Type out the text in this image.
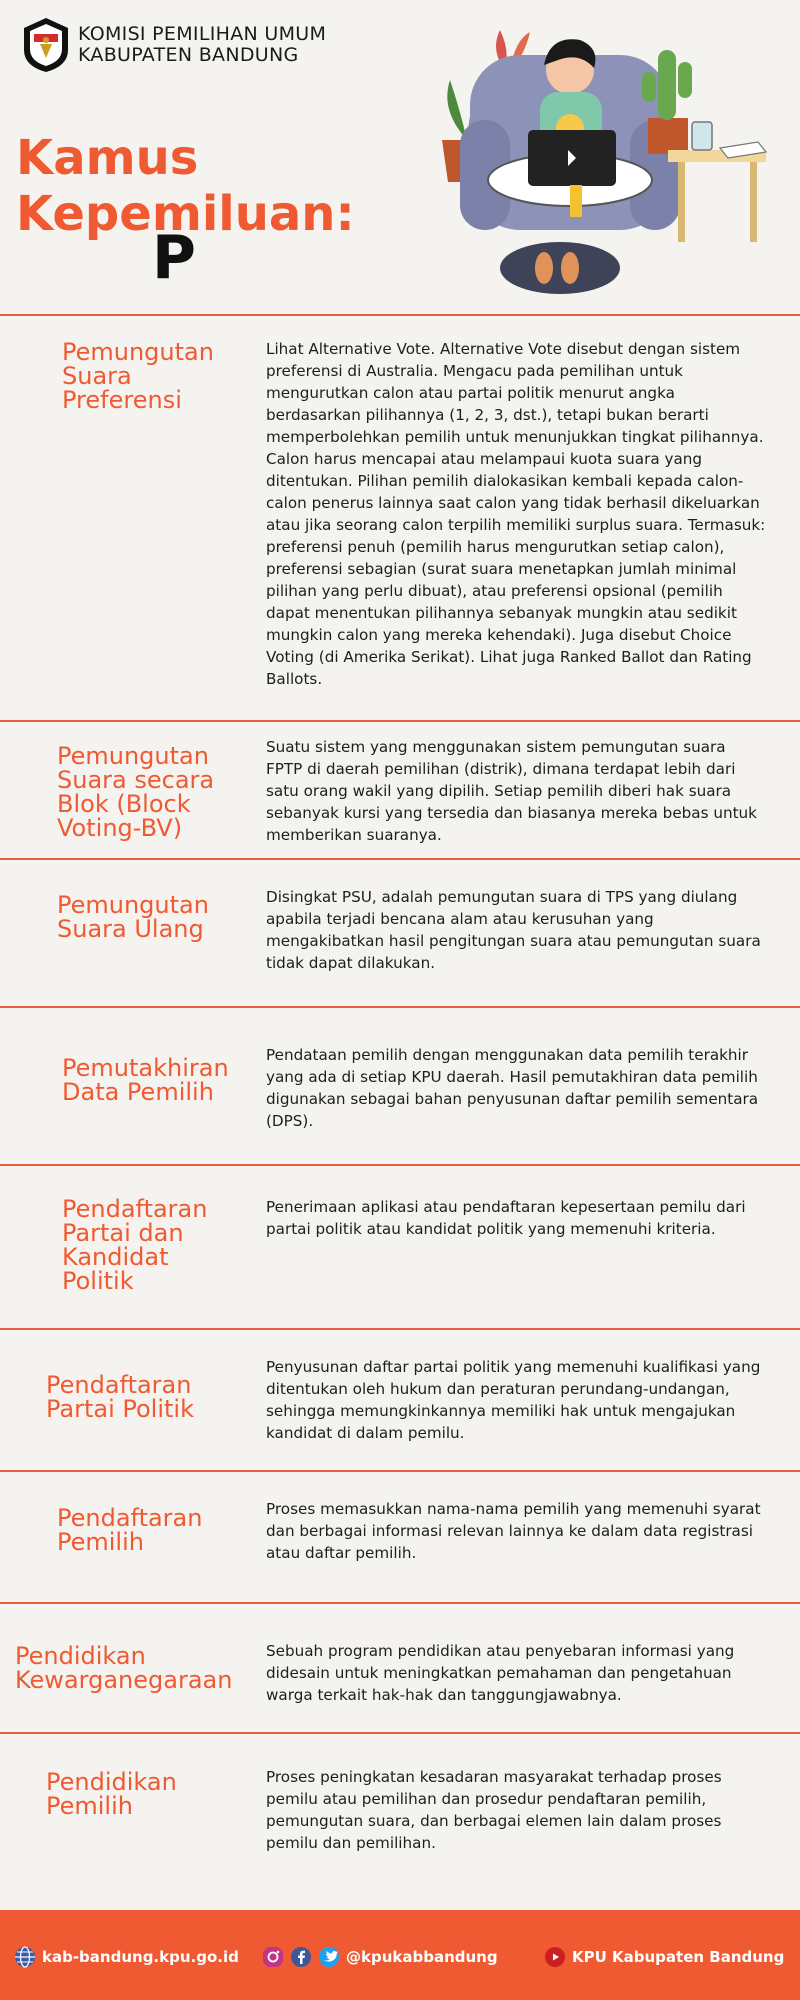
KOMISI PEMILIHAN UMUM
KABUPATEN BANDUNG
Kamus
Kepemiluan:
P
Pemungutan
Suara
Preferensi
Lihat Alternative Vote. Alternative Vote disebut dengan sistem preferensi di Australia. Mengacu pada pemilihan untuk mengurutkan calon atau partai politik menurut angka berdasarkan pilihannya (1, 2, 3, dst.), tetapi bukan berarti memperbolehkan pemilih untuk menunjukkan tingkat pilihannya. Calon harus mencapai atau melampaui kuota suara yang ditentukan. Pilihan pemilih dialokasikan kembali kepada calon-calon penerus lainnya saat calon yang tidak berhasil dikeluarkan atau jika seorang calon terpilih memiliki surplus suara. Termasuk: preferensi penuh (pemilih harus mengurutkan setiap calon), preferensi sebagian (surat suara menetapkan jumlah minimal pilihan yang perlu dibuat), atau preferensi opsional (pemilih dapat menentukan pilihannya sebanyak mungkin atau sedikit mungkin calon yang mereka kehendaki). Juga disebut Choice Voting (di Amerika Serikat). Lihat juga Ranked Ballot dan Rating Ballots.
Pemungutan
Suara secara
Blok (Block
Voting-BV)
Suatu sistem yang menggunakan sistem pemungutan suara FPTP di daerah pemilihan (distrik), dimana terdapat lebih dari satu orang wakil yang dipilih. Setiap pemilih diberi hak suara sebanyak kursi yang tersedia dan biasanya mereka bebas untuk memberikan suaranya.
Pemungutan
Suara Ulang
Disingkat PSU, adalah pemungutan suara di TPS yang diulang apabila terjadi bencana alam atau kerusuhan yang mengakibatkan hasil pengitungan suara atau pemungutan suara tidak dapat dilakukan.
Pemutakhiran
Data Pemilih
Pendataan pemilih dengan menggunakan data pemilih terakhir yang ada di setiap KPU daerah. Hasil pemutakhiran data pemilih digunakan sebagai bahan penyusunan daftar pemilih sementara (DPS).
Pendaftaran
Partai dan
Kandidat
Politik
Penerimaan aplikasi atau pendaftaran kepesertaan pemilu dari partai politik atau kandidat politik yang memenuhi kriteria.
Pendaftaran
Partai Politik
Penyusunan daftar partai politik yang memenuhi kualifikasi yang ditentukan oleh hukum dan peraturan perundang-undangan, sehingga memungkinkannya memiliki hak untuk mengajukan kandidat di dalam pemilu.
Pendaftaran
Pemilih
Proses memasukkan nama-nama pemilih yang memenuhi syarat dan berbagai informasi relevan lainnya ke dalam data registrasi atau daftar pemilih.
Pendidikan
Kewarganegaraan
Sebuah program pendidikan atau penyebaran informasi yang didesain untuk meningkatkan pemahaman dan pengetahuan warga terkait hak-hak dan tanggungjawabnya.
Pendidikan
Pemilih
Proses peningkatan kesadaran masyarakat terhadap proses pemilu atau pemilihan dan prosedur pendaftaran pemilih, pemungutan suara, dan berbagai elemen lain dalam proses pemilu dan pemilihan.
kab-bandung.kpu.go.id	@kpukabbandung	KPU Kabupaten Bandung
